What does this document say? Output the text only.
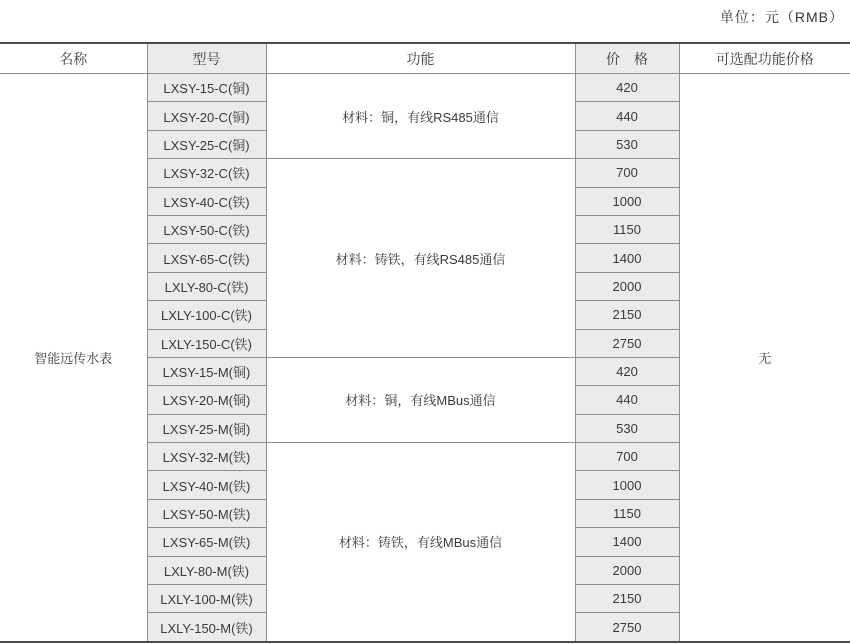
单位：元（RMB）
名称	型号	功能	价　格	可选配功能价格
智能远传水表	LXSY-15-C(铜)	材料：铜，有线RS485通信	420	无
	LXSY-20-C(铜)		440	
	LXSY-25-C(铜)		530	
	LXSY-32-C(铁)	材料：铸铁，有线RS485通信	700	
	LXSY-40-C(铁)		1000	
	LXSY-50-C(铁)		1150	
	LXSY-65-C(铁)		1400	
	LXLY-80-C(铁)		2000	
	LXLY-100-C(铁)		2150	
	LXLY-150-C(铁)		2750	
	LXSY-15-M(铜)	材料：铜，有线MBus通信	420	
	LXSY-20-M(铜)		440	
	LXSY-25-M(铜)		530	
	LXSY-32-M(铁)	材料：铸铁，有线MBus通信	700	
	LXSY-40-M(铁)		1000	
	LXSY-50-M(铁)		1150	
	LXSY-65-M(铁)		1400	
	LXLY-80-M(铁)		2000	
	LXLY-100-M(铁)		2150	
	LXLY-150-M(铁)		2750	
